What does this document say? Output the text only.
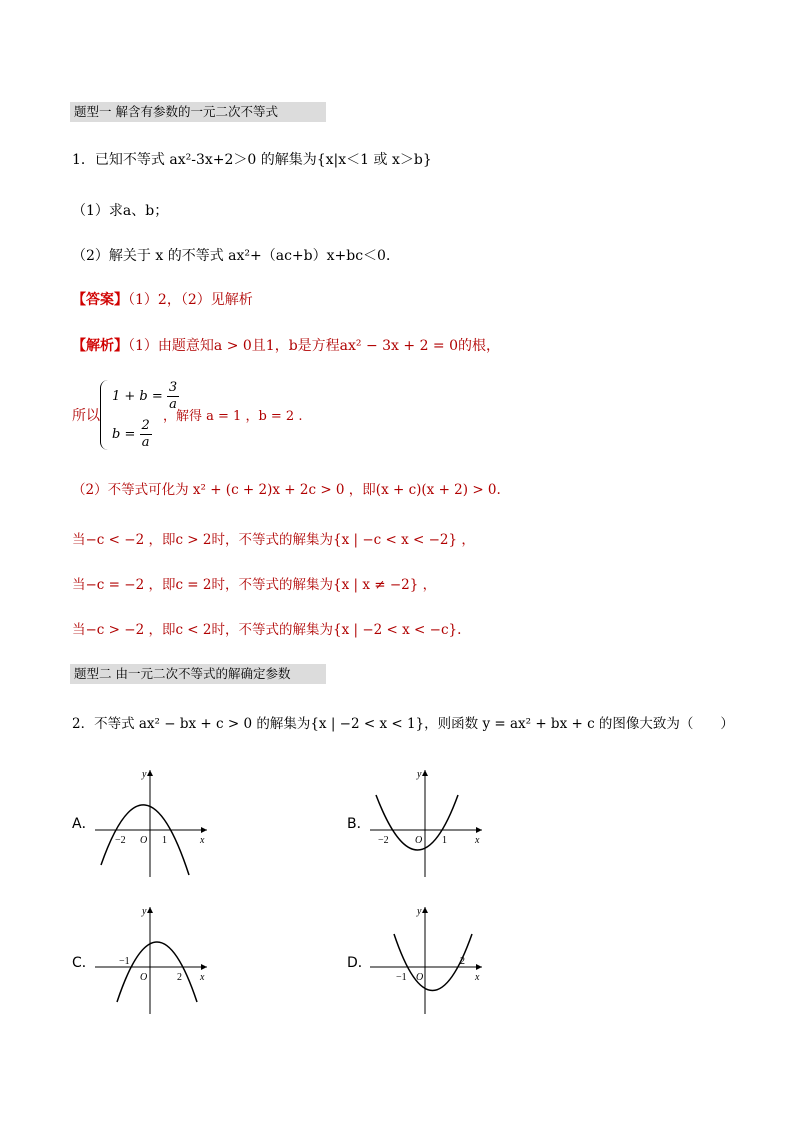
题型一 解含有参数的一元二次不等式
1．已知不等式 ax²-3x+2＞0 的解集为{x|x＜1 或 x＞b}
（1）求a、b；
（2）解关于 x 的不等式 ax²+（ac+b）x+bc＜0．
【答案】（1）2，（2）见解析
【解析】（1）由题意知a > 0且1，b是方程ax² − 3x + 2 = 0的根，
所以
$1 + b = \frac{3}{a}$
$b = \frac{2}{a}$
，解得 a = 1 ，b = 2 .
（2）不等式可化为 x² + (c + 2)x + 2c > 0 ，即(x + c)(x + 2) > 0.
当−c < −2 ，即c > 2时，不等式的解集为{x | −c < x < −2} ，
当−c = −2 ，即c = 2时，不等式的解集为{x | x ≠ −2} ，
当−c > −2 ，即c < 2时，不等式的解集为{x | −2 < x < −c}.
题型二 由一元二次不等式的解确定参数
2．不等式 ax² − bx + c > 0 的解集为{x | −2 < x < 1}，则函数 y = ax² + bx + c 的图像大致为（　　）
A．
−2 O 1	x
y
B．
−2	O 1	x
y
C． −1
O	2 x
y
D．
−1 O
2
x
y
